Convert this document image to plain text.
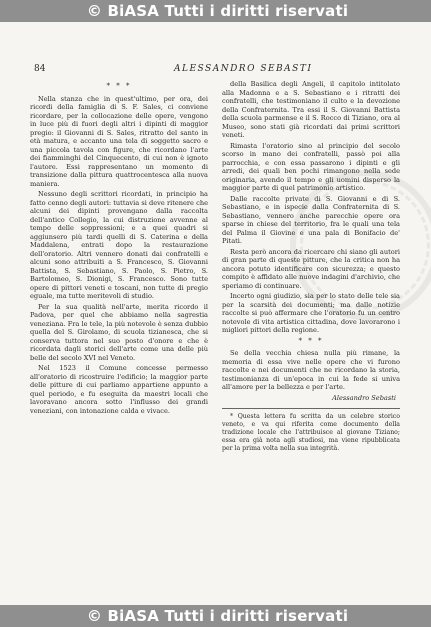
© BiASA Tutti i diritti riservati
84	ALESSANDRO SEBASTI
* * *

Nella stanza che in quest'ultimo, per ora, dei ricordi della famiglia di S. F. Sales, ci conviene ricordare, per la collocazione delle opere, vengono in luce più di fuori degli altri i dipinti di maggior pregio: il Giovanni di S. Sales, ritratto del santo in età matura, e accanto una tela di soggetto sacro e una piccola tavola con figure, che ricordano l'arte dei fiamminghi del Cinquecento, di cui non è ignoto l'autore. Essi rappresentano un momento di transizione dalla pittura quattrocentesca alla nuova maniera.

Nessuno degli scrittori ricordati, in principio ha fatto cenno degli autori: tuttavia si deve ritenere che alcuni dei dipinti provengano dalla raccolta dell'antico Collegio, la cui distruzione avvenne al tempo delle soppressioni; e a quei quadri si aggiunsero più tardi quelli di S. Caterina e della Maddalena, entrati dopo la restaurazione dell'oratorio. Altri vennero donati dai confratelli e alcuni sono attribuiti a S. Francesco, S. Giovanni Battista, S. Sebastiano, S. Paolo, S. Pietro, S. Bartolomeo, S. Dionigi, S. Francesco. Sono tutte opere di pittori veneti e toscani, non tutte di pregio eguale, ma tutte meritevoli di studio.

Per la sua qualità nell'arte, merita ricordo il Padova, per quel che abbiamo nella sagrestia veneziana. Fra le tele, la più notevole è senza dubbio quella del S. Girolamo, di scuola tizianesca, che si conserva tuttora nel suo posto d'onore e che è ricordata dagli storici dell'arte come una delle più belle del secolo XVI nel Veneto.

Nel 1523 il Comune concesse permesso all'oratorio di ricostruire l'edificio; la maggior parte delle pitture di cui parliamo appartiene appunto a quel periodo, e fu eseguita da maestri locali che lavoravano ancora sotto l'influsso dei grandi veneziani, con intonazione calda e vivace.

della Basilica degli Angeli, il capitolo intitolato alla Madonna e a S. Sebastiano e i ritratti dei confratelli, che testimoniano il culto e la devozione della Confraternita. Tra essi il S. Giovanni Battista della scuola parmense e il S. Rocco di Tiziano, ora al Museo, sono stati già ricordati dai primi scrittori veneti.

Rimasta l'oratorio sino al principio del secolo scorso in mano dei confratelli, passò poi alla parrocchia, e con essa passarono i dipinti e gli arredi, dei quali ben pochi rimangono nella sede originaria, avendo il tempo e gli uomini disperso la maggior parte di quel patrimonio artistico.

Dalle raccolte private di S. Giovanni e di S. Sebastiano, e in ispecie dalla Confraternita di S. Sebastiano, vennero anche parecchie opere ora sparse in chiese del territorio, fra le quali una tela del Palma il Giovine e una pala di Bonifacio de' Pitati.

Resta però ancora da ricercare chi siano gli autori di gran parte di queste pitture, che la critica non ha ancora potuto identificare con sicurezza; e questo compito è affidato alle nuove indagini d'archivio, che speriamo di continuare.

Incerto ogni giudizio, sia per lo stato delle tele sia per la scarsità dei documenti; ma dalle notizie raccolte si può affermare che l'oratorio fu un centro notevole di vita artistica cittadina, dove lavorarono i migliori pittori della regione.

* * *

Se della vecchia chiesa nulla più rimane, la memoria di essa vive nelle opere che vi furono raccolte e nei documenti che ne ricordano la storia, testimonianza di un'epoca in cui la fede si univa all'amore per la bellezza e per l'arte.

Alessandro Sebasti

* Questa lettera fu scritta da un celebre storico veneto, e va qui riferita come documento della tradizione locale che l'attribuisce al giovane Tiziano; essa era già nota agli studiosi, ma viene ripubblicata per la prima volta nella sua integrità.

© BiASA Tutti i diritti riservati
